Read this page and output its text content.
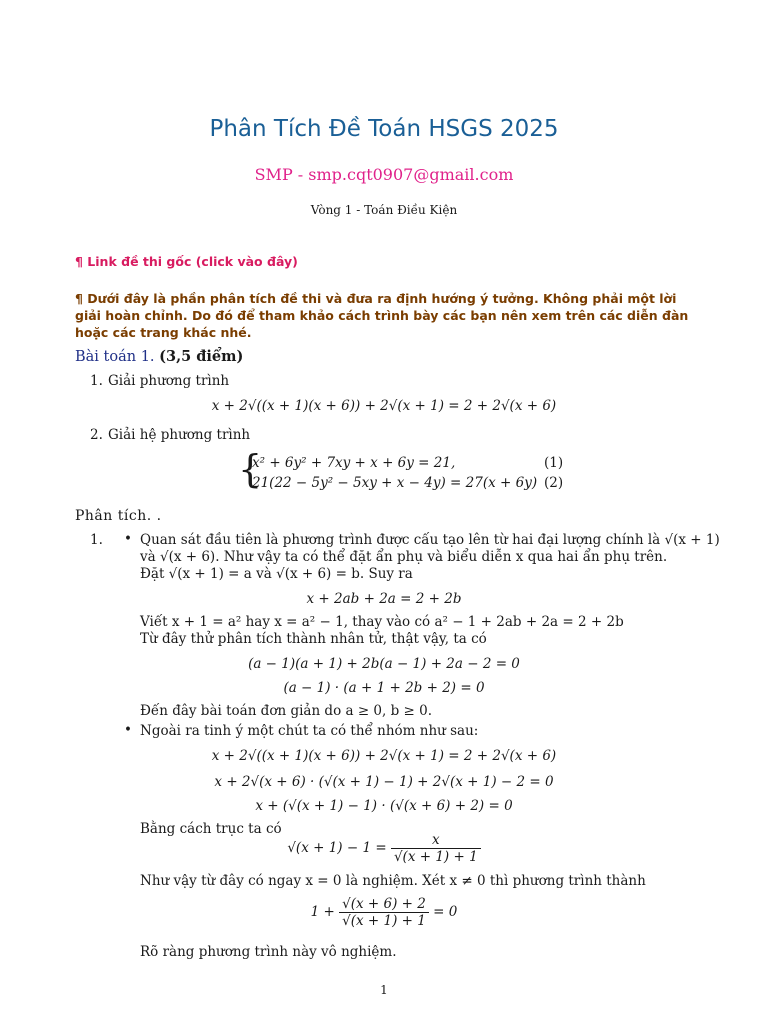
Phân Tích Đề Toán HSGS 2025
SMP - smp.cqt0907@gmail.com
Vòng 1 - Toán Điều Kiện
¶ Link đề thi gốc (click vào đây)
¶ Dưới đây là phần phân tích đề thi và đưa ra định hướng ý tưởng. Không phải một lời giải hoàn chỉnh. Do đó để tham khảo cách trình bày các bạn nên xem trên các diễn đàn hoặc các trang khác nhé.
Bài toán 1. (3,5 điểm)
1. Giải phương trình
x + 2√((x + 1)(x + 6)) + 2√(x + 1) = 2 + 2√(x + 6)
2. Giải hệ phương trình
{
x² + 6y² + 7xy + x + 6y = 21,	(1)
21(22 − 5y² − 5xy + x − 4y) = 27(x + 6y) (2)
Phân tích. .
1. • Quan sát đầu tiên là phương trình được cấu tạo lên từ hai đại lượng chính là √(x + 1)
và √(x + 6). Như vậy ta có thể đặt ẩn phụ và biểu diễn x qua hai ẩn phụ trên.
Đặt √(x + 1) = a và √(x + 6) = b. Suy ra
x + 2ab + 2a = 2 + 2b
Viết x + 1 = a² hay x = a² − 1, thay vào có a² − 1 + 2ab + 2a = 2 + 2b
Từ đây thử phân tích thành nhân tử, thật vậy, ta có
(a − 1)(a + 1) + 2b(a − 1) + 2a − 2 = 0
(a − 1) · (a + 1 + 2b + 2) = 0
Đến đây bài toán đơn giản do a ≥ 0, b ≥ 0.
• Ngoài ra tinh ý một chút ta có thể nhóm như sau:
x + 2√((x + 1)(x + 6)) + 2√(x + 1) = 2 + 2√(x + 6)
x + 2√(x + 6) · (√(x + 1) − 1) + 2√(x + 1) − 2 = 0
x + (√(x + 1) − 1) · (√(x + 6) + 2) = 0
Bằng cách trục ta có
$√(x + 1) - 1 = \frac{x}{√(x + 1) + 1}$
Như vậy từ đây có ngay x = 0 là nghiệm. Xét x ≠ 0 thì phương trình thành
$1 + \frac{√(x + 6) + 2}{√(x + 1) + 1} = 0$
Rõ ràng phương trình này vô nghiệm.
1
